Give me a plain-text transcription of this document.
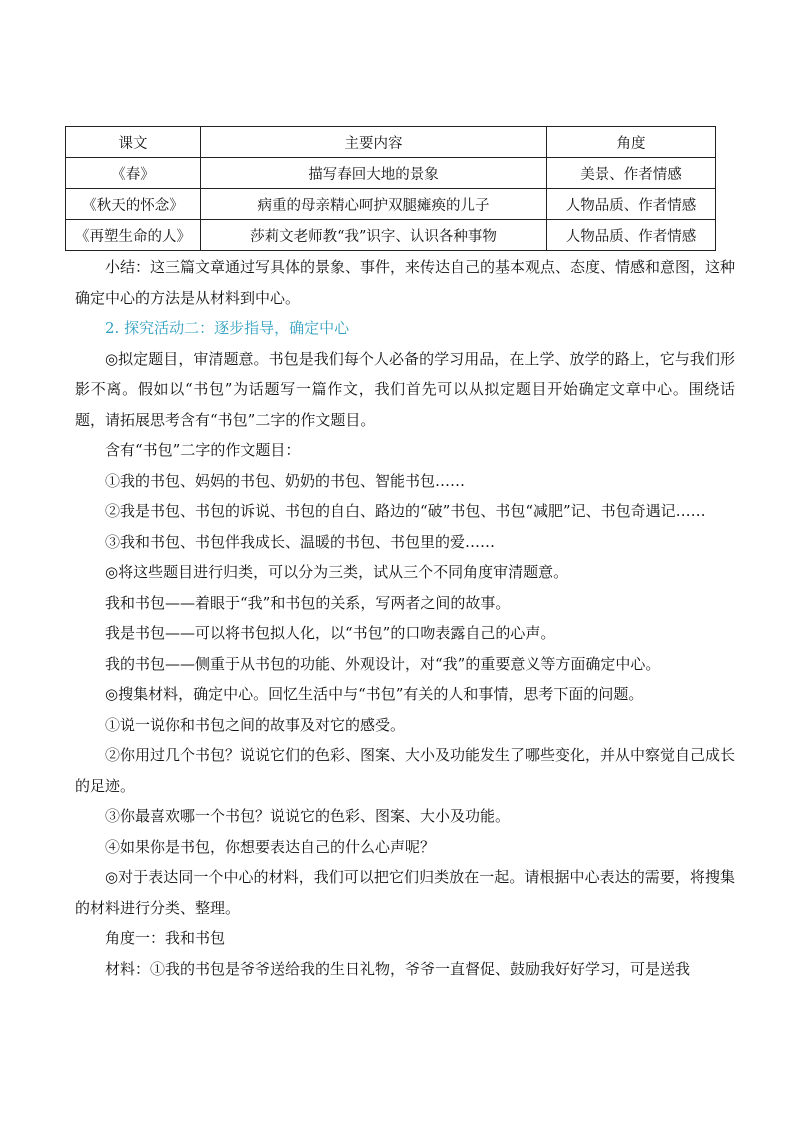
课文	主要内容	角度
《春》	描写春回大地的景象	美景、作者情感
《秋天的怀念》	病重的母亲精心呵护双腿瘫痪的儿子	人物品质、作者情感
《再塑生命的人》	莎莉文老师教“我”识字、认识各种事物	人物品质、作者情感

小结：这三篇文章通过写具体的景象、事件，来传达自己的基本观点、态度、情感和意图，这种确定中心的方法是从材料到中心。

2. 探究活动二：逐步指导，确定中心

◎拟定题目，审清题意。书包是我们每个人必备的学习用品，在上学、放学的路上，它与我们形影不离。假如以“书包”为话题写一篇作文，我们首先可以从拟定题目开始确定文章中心。围绕话题，请拓展思考含有“书包”二字的作文题目。

含有“书包”二字的作文题目：

①我的书包、妈妈的书包、奶奶的书包、智能书包……

②我是书包、书包的诉说、书包的自白、路边的“破”书包、书包“减肥”记、书包奇遇记……

③我和书包、书包伴我成长、温暖的书包、书包里的爱……

◎将这些题目进行归类，可以分为三类，试从三个不同角度审清题意。

我和书包——着眼于“我”和书包的关系，写两者之间的故事。

我是书包——可以将书包拟人化，以“书包”的口吻表露自己的心声。

我的书包——侧重于从书包的功能、外观设计，对“我”的重要意义等方面确定中心。

◎搜集材料，确定中心。回忆生活中与“书包”有关的人和事情，思考下面的问题。

①说一说你和书包之间的故事及对它的感受。

②你用过几个书包？说说它们的色彩、图案、大小及功能发生了哪些变化，并从中察觉自己成长的足迹。

③你最喜欢哪一个书包？说说它的色彩、图案、大小及功能。

④如果你是书包，你想要表达自己的什么心声呢？

◎对于表达同一个中心的材料，我们可以把它们归类放在一起。请根据中心表达的需要，将搜集的材料进行分类、整理。

角度一：我和书包

材料：①我的书包是爷爷送给我的生日礼物，爷爷一直督促、鼓励我好好学习，可是送我
